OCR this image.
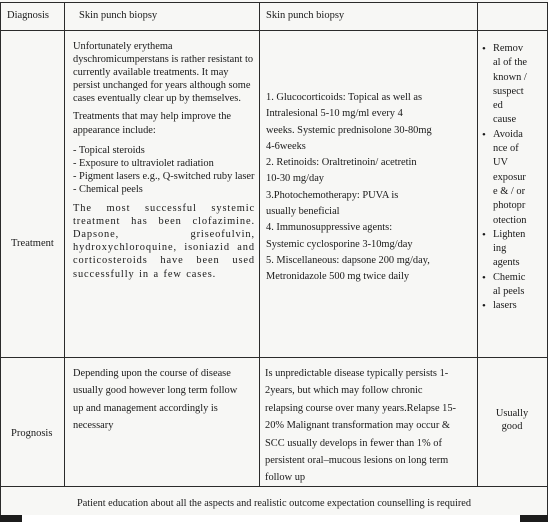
Diagnosis	Skin punch biopsy	Skin punch biopsy
Treatment

Unfortunately erythema dyschromicumperstans is rather resistant to currently available treatments. It may persist unchanged for years although some cases eventually clear up by themselves.

Treatments that may help improve the appearance include:

- Topical steroids

- Exposure to ultraviolet radiation

- Pigment lasers e.g., Q-switched ruby laser

- Chemical peels

The most successful systemic treatment has been clofazimine. Dapsone, griseofulvin, hydroxychloroquine, isoniazid and corticosteroids have been used successfully in a few cases.

1. Glucocorticoids: Topical as well as

Intralesional 5-10 mg/ml every 4

weeks. Systemic prednisolone 30-80mg

4-6weeks

2. Retinoids: Oraltretinoin/ acetretin

10-30 mg/day

3.Photochemotherapy: PUVA is

usually beneficial

4. Immunosuppressive agents:

Systemic cyclosporine 3-10mg/day

5. Miscellaneous: dapsone 200 mg/day,

Metronidazole 500 mg twice daily

• Remov
al of the
known /
suspect
ed
cause
• Avoida
nce of
UV
exposur
e & / or
photopr
otection
• Lighten
ing
agents
• Chemic
al peels
• lasers
Prognosis

Depending upon the course of disease

usually good however long term follow

up and management accordingly is

necessary

Is unpredictable disease typically persists 1-

2years, but which may follow chronic

relapsing course over many years.Relapse 15-

20% Malignant transformation may occur &

SCC usually develops in fewer than 1% of

persistent oral–mucous lesions on long term

follow up

Usually

good

Patient education about all the aspects and realistic outcome expectation counselling is required
